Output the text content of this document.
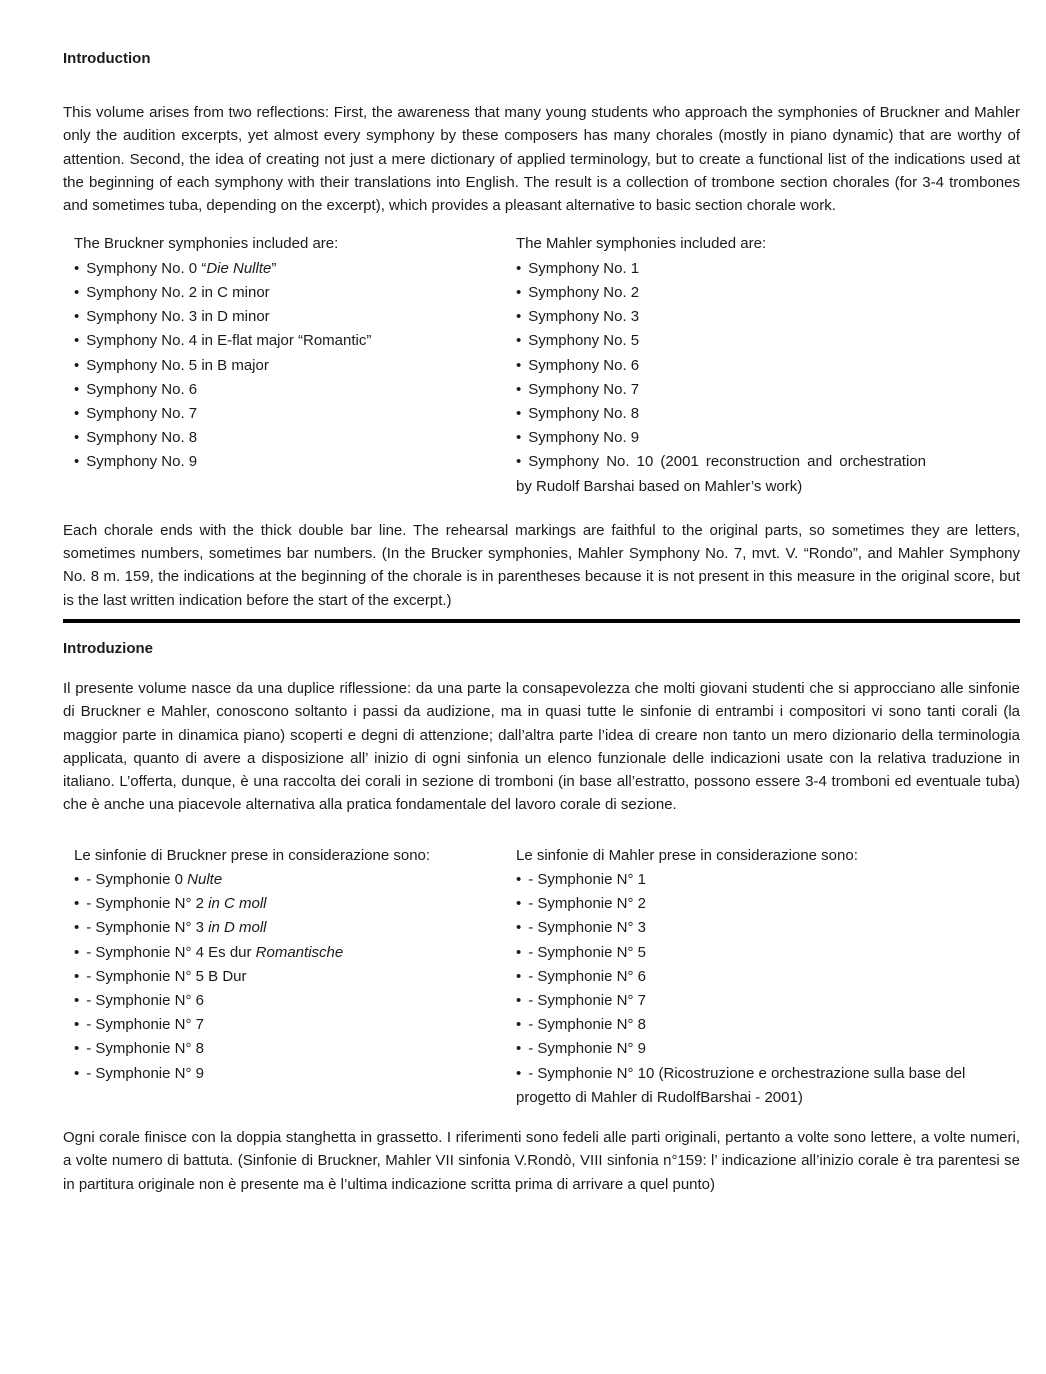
Introduction

This volume arises from two reflections: First, the awareness that many young students who approach the symphonies of Bruckner and Mahler only the audition excerpts, yet almost every symphony by these composers has many chorales (mostly in piano dynamic) that are worthy of attention. Second, the idea of creating not just a mere dictionary of applied terminology, but to create a functional list of the indications used at the beginning of each symphony with their translations into English. The result is a collection of trombone section chorales (for 3-4 trombones and sometimes tuba, depending on the excerpt), which provides a pleasant alternative to basic section chorale work.

The Bruckner symphonies included are:
• Symphony No. 0 “Die Nullte”
• Symphony No. 2 in C minor
• Symphony No. 3 in D minor
• Symphony No. 4 in E-flat major “Romantic”
• Symphony No. 5 in B major
• Symphony No. 6
• Symphony No. 7
• Symphony No. 8
• Symphony No. 9
The Mahler symphonies included are:
• Symphony No. 1
• Symphony No. 2
• Symphony No. 3
• Symphony No. 5
• Symphony No. 6
• Symphony No. 7
• Symphony No. 8
• Symphony No. 9
• Symphony No. 10 (2001 reconstruction and orchestration by Rudolf Barshai based on Mahler’s work)

Each chorale ends with the thick double bar line. The rehearsal markings are faithful to the original parts, so sometimes they are letters, sometimes numbers, sometimes bar numbers. (In the Brucker symphonies, Mahler Symphony No. 7, mvt. V. “Rondo”, and Mahler Symphony No. 8 m. 159, the indications at the beginning of the chorale is in parentheses because it is not present in this measure in the original score, but is the last written indication before the start of the excerpt.)

Introduzione

Il presente volume nasce da una duplice riflessione: da una parte la consapevolezza che molti giovani studenti che si approcciano alle sinfonie di Bruckner e Mahler, conoscono soltanto i passi da audizione, ma in quasi tutte le sinfonie di entrambi i compositori vi sono tanti corali (la maggior parte in dinamica piano) scoperti e degni di attenzione; dall’altra parte l’idea di creare non tanto un mero dizionario della terminologia applicata, quanto di avere a disposizione all’ inizio di ogni sinfonia un elenco funzionale delle indicazioni usate con la relativa traduzione in italiano. L’offerta, dunque, è una raccolta dei corali in sezione di tromboni (in base all’estratto, possono essere 3-4 tromboni ed eventuale tuba) che è anche una piacevole alternativa alla pratica fondamentale del lavoro corale di sezione.

Le sinfonie di Bruckner prese in considerazione sono:
• - Symphonie 0 Nulte
• - Symphonie N° 2 in C moll
• - Symphonie N° 3 in D moll
• - Symphonie N° 4 Es dur Romantische
• - Symphonie N° 5 B Dur
• - Symphonie N° 6
• - Symphonie N° 7
• - Symphonie N° 8
• - Symphonie N° 9
Le sinfonie di Mahler prese in considerazione sono:
• - Symphonie N° 1
• - Symphonie N° 2
• - Symphonie N° 3
• - Symphonie N° 5
• - Symphonie N° 6
• - Symphonie N° 7
• - Symphonie N° 8
• - Symphonie N° 9
• - Symphonie N° 10 (Ricostruzione e orchestrazione sulla base del progetto di Mahler di RudolfBarshai - 2001)

Ogni corale finisce con la doppia stanghetta in grassetto. I riferimenti sono fedeli alle parti originali, pertanto a volte sono lettere, a volte numeri, a volte numero di battuta. (Sinfonie di Bruckner, Mahler VII sinfonia V.Rondò, VIII sinfonia n°159: l’ indicazione all’inizio corale è tra parentesi se in partitura originale non è presente ma è l’ultima indicazione scritta prima di arrivare a quel punto)
